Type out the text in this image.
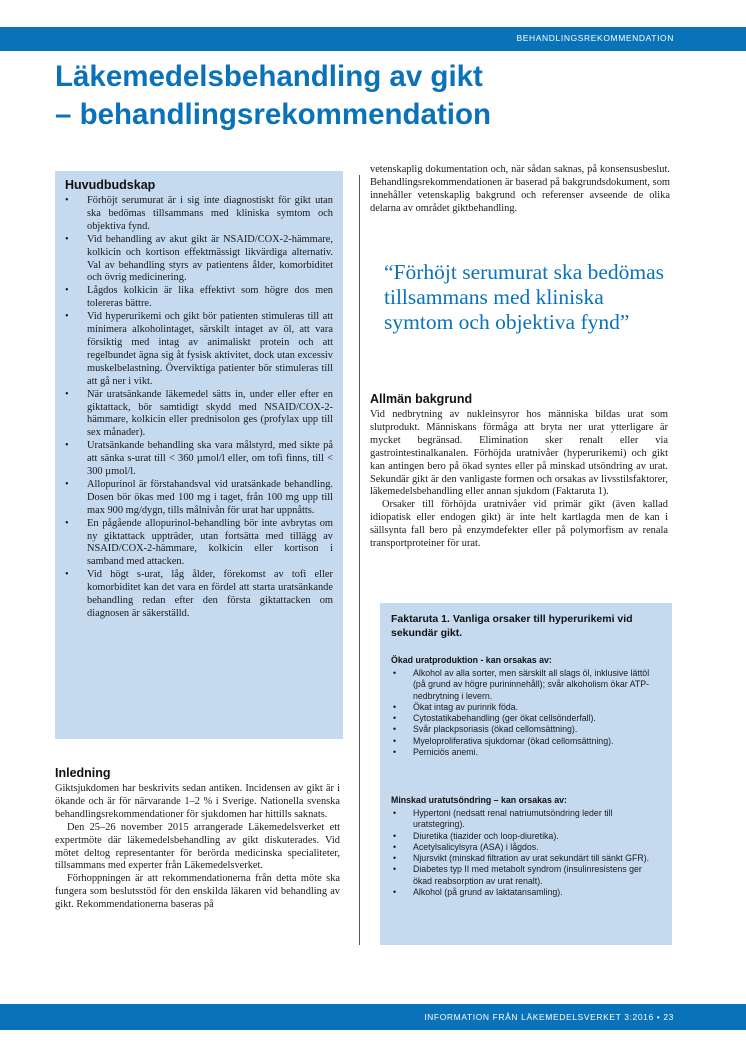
BEHANDLINGSREKOMMENDATION
Läkemedelsbehandling av gikt
– behandlingsrekommendation
Huvudbudskap
• Förhöjt serumurat är i sig inte diagnostiskt för gikt utan ska bedömas tillsammans med kliniska symtom och objektiva fynd.
• Vid behandling av akut gikt är NSAID/COX-2-hämmare, kolkicin och kortison effektmässigt likvärdiga alternativ. Val av behandling styrs av patientens ålder, komorbiditet och övrig medicinering.
• Lågdos kolkicin är lika effektivt som högre dos men tolereras bättre.
• Vid hyperurikemi och gikt bör patienten stimuleras till att minimera alkoholintaget, särskilt intaget av öl, att vara försiktig med intag av animaliskt protein och att regelbundet ägna sig åt fysisk aktivitet, dock utan excessiv muskelbelastning. Överviktiga patienter bör stimuleras till att gå ner i vikt.
• När uratsänkande läkemedel sätts in, under eller efter en giktattack, bör samtidigt skydd med NSAID/COX-2-hämmare, kolkicin eller prednisolon ges (profylax upp till sex månader).
• Uratsänkande behandling ska vara målstyrd, med sikte på att sänka s-urat till < 360 µmol/l eller, om tofi finns, till < 300 µmol/l.
• Allopurinol är förstahandsval vid uratsänkade behandling. Dosen bör ökas med 100 mg i taget, från 100 mg upp till max 900 mg/dygn, tills målnivån för urat har uppnåtts.
• En pågående allopurinol-behandling bör inte avbrytas om ny giktattack uppträder, utan fortsätta med tillägg av NSAID/COX-2-hämmare, kolkicin eller kortison i samband med attacken.
• Vid högt s-urat, låg ålder, förekomst av tofi eller komorbiditet kan det vara en fördel att starta uratsänkande behandling redan efter den första giktattacken om diagnosen är säkerställd.
Inledning

Giktsjukdomen har beskrivits sedan antiken. Incidensen av gikt är i ökande och är för närvarande 1–2 % i Sverige. Nationella svenska behandlingsrekommendationer för sjukdomen har hittills saknats.

Den 25–26 november 2015 arrangerade Läkemedelsverket ett expertmöte där läkemedelsbehandling av gikt diskuterades. Vid mötet deltog representanter för berörda medicinska specialiteter, tillsammans med experter från Läkemedelsverket.

Förhoppningen är att rekommendationerna från detta möte ska fungera som beslutsstöd för den enskilda läkaren vid behandling av gikt. Rekommendationerna baseras på

vetenskaplig dokumentation och, när sådan saknas, på konsensusbeslut. Behandlingsrekommendationen är baserad på bakgrundsdokument, som innehåller vetenskaplig bakgrund och referenser avseende de olika delarna av området giktbehandling.

“Förhöjt serumurat ska bedömas tillsammans med kliniska symtom och objektiva fynd”

Allmän bakgrund

Vid nedbrytning av nukleinsyror hos människa bildas urat som slutprodukt. Människans förmåga att bryta ner urat ytterligare är mycket begränsad. Elimination sker renalt eller via gastrointestinalkanalen. Förhöjda uratnivåer (hyperurikemi) och gikt kan antingen bero på ökad syntes eller på minskad utsöndring av urat. Sekundär gikt är den vanligaste formen och orsakas av livsstilsfaktorer, läkemedelsbehandling eller annan sjukdom (Faktaruta 1).

Orsaker till förhöjda uratnivåer vid primär gikt (även kallad idiopatisk eller endogen gikt) är inte helt kartlagda men de kan i sällsynta fall bero på enzymdefekter eller på polymorfism av renala transportproteiner för urat.

Faktaruta 1. Vanliga orsaker till hyperurikemi vid sekundär gikt.

Ökad uratproduktion - kan orsakas av:
• Alkohol av alla sorter, men särskilt all slags öl, inklusive lättöl (på grund av högre purininnehåll); svår alkoholism ökar ATP-nedbrytning i levern.
• Ökat intag av purinrik föda.
• Cytostatikabehandling (ger ökat cellsönderfall).
• Svår plackpsoriasis (ökad cellomsättning).
• Myeloproliferativa sjukdomar (ökad cellomsättning).
• Perniciös anemi.
Minskad uratutsöndring – kan orsakas av:
• Hypertoni (nedsatt renal natriumutsöndring leder till uratstegring).
• Diuretika (tiazider och loop-diuretika).
• Acetylsalicylsyra (ASA) i lågdos.
• Njursvikt (minskad filtration av urat sekundärt till sänkt GFR).
• Diabetes typ II med metabolt syndrom (insulinresistens ger ökad reabsorption av urat renalt).
• Alkohol (på grund av laktatansamling).
INFORMATION FRÅN LÄKEMEDELSVERKET 3:2016 • 23
